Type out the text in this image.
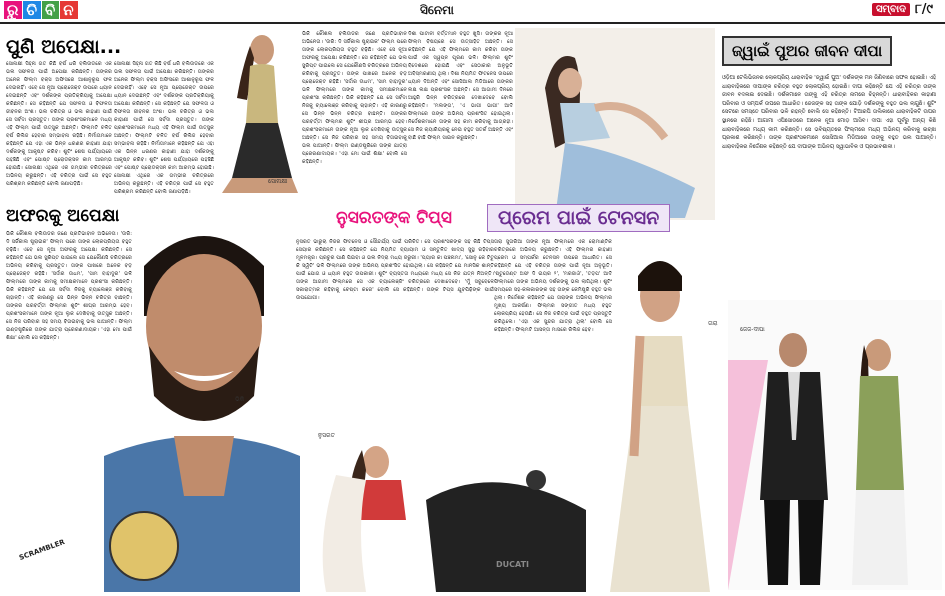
ରୁ ଚି ବି ନ	ସିନେମା	ସମ୍ବାଦ ୮/୯
ପୁଣି ଅପେକ୍ଷା...
ସୋନାକ୍ଷୀ ସିହ୍ନା ଗତ କିଛି ବର୍ଷ ଧରି ବଲିଉଡରେ ଏକ ଭଲ ସଫଳତା ପାଇଁ ଅପେକ୍ଷା କରିଛନ୍ତି। ତାଙ୍କର ଅନେକ ଫିଲ୍ମ ବକ୍ସ ଅଫିସରେ ଆଶାନୁରୂପ ଫଳ ଦେଇନାହିଁ। ଏବେ ସେ ନୂଆ ପ୍ରୋଜେକ୍ଟ ଉପରେ ଧ୍ୟାନ ଦେଇଛନ୍ତି ଏବଂ ଦର୍ଶକଙ୍କ ପ୍ରତିକ୍ରିୟାକୁ ଅପେକ୍ଷା କରିଛନ୍ତି। ସେ କହିଛନ୍ତି ଯେ ସଫଳତା ଓ ବିଫଳତା ଜୀବନର ଅଂଶ। ଭଲ ଚରିତ୍ର ଓ ଭଲ କାହାଣୀ ପାଇଁ ସେ ସର୍ବଦା ପ୍ରସ୍ତୁତ। ତାଙ୍କ ପ୍ରଶଂସକମାନେ ମଧ୍ୟ ଏହି ଫିଲ୍ମ ପାଇଁ ଉତ୍ସୁକ ଅଛନ୍ତି। ଫିଲ୍ମଟି ଚଳିତ ବର୍ଷ ରିଲିଜ ହେବାର ସମ୍ଭାବନା ରହିଛି। ନିର୍ମାତାମାନେ କହିଛନ୍ତି ଯେ ଏହା ଏକ ଭିନ୍ନ ଧରଣର କାହାଣୀ ଯାହା ଦର୍ଶକଙ୍କୁ ଆକୃଷ୍ଟ କରିବ। ଶୁଟିଂ ଶେଷ ପର୍ଯ୍ୟାୟରେ ପହଞ୍ଚିଛି ଏବଂ ପୋଷ୍ଟ ପ୍ରୋଡକ୍ସନ କାମ ଆରମ୍ଭ ହୋଇଛି। ସୋନାକ୍ଷୀ ଏଥିରେ ଏକ ଗମ୍ଭୀର ଚରିତ୍ରରେ ଅଭିନୟ କରୁଛନ୍ତି। ଏହି ଚରିତ୍ର ପାଇଁ ସେ ବହୁତ ପରିଶ୍ରମ କରିଛନ୍ତି ବୋଲି ଜଣାପଡ଼ିଛି।
ସୋନାକ୍ଷୀ ସିହ୍ନା ଗତ କିଛି ବର୍ଷ ଧରି ବଲିଉଡରେ ଏକ ଭଲ ସଫଳତା ପାଇଁ ଅପେକ୍ଷା କରିଛନ୍ତି। ତାଙ୍କର ଅନେକ ଫିଲ୍ମ ବକ୍ସ ଅଫିସରେ ଆଶାନୁରୂପ ଫଳ ଦେଇନାହିଁ। ଏବେ ସେ ନୂଆ ପ୍ରୋଜେକ୍ଟ ଉପରେ ଧ୍ୟାନ ଦେଇଛନ୍ତି ଏବଂ ଦର୍ଶକଙ୍କ ପ୍ରତିକ୍ରିୟାକୁ ଅପେକ୍ଷା କରିଛନ୍ତି। ସେ କହିଛନ୍ତି ଯେ ସଫଳତା ଓ ବିଫଳତା ଜୀବନର ଅଂଶ। ଭଲ ଚରିତ୍ର ଓ ଭଲ କାହାଣୀ ପାଇଁ ସେ ସର୍ବଦା ପ୍ରସ୍ତୁତ। ତାଙ୍କ ପ୍ରଶଂସକମାନେ ମଧ୍ୟ ଏହି ଫିଲ୍ମ ପାଇଁ ଉତ୍ସୁକ ଅଛନ୍ତି। ଫିଲ୍ମଟି ଚଳିତ ବର୍ଷ ରିଲିଜ ହେବାର ସମ୍ଭାବନା ରହିଛି। ନିର୍ମାତାମାନେ କହିଛନ୍ତି ଯେ ଏହା ଏକ ଭିନ୍ନ ଧରଣର କାହାଣୀ ଯାହା ଦର୍ଶକଙ୍କୁ ଆକୃଷ୍ଟ କରିବ। ଶୁଟିଂ ଶେଷ ପର୍ଯ୍ୟାୟରେ ପହଞ୍ଚିଛି ଏବଂ ପୋଷ୍ଟ ପ୍ରୋଡକ୍ସନ କାମ ଆରମ୍ଭ ହୋଇଛି। ସୋନାକ୍ଷୀ ଏଥିରେ ଏକ ଗମ୍ଭୀର ଚରିତ୍ରରେ ଅଭିନୟ କରୁଛନ୍ତି। ଏହି ଚରିତ୍ର ପାଇଁ ସେ ବହୁତ ପରିଶ୍ରମ କରିଛନ୍ତି ବୋଲି ଜଣାପଡ଼ିଛି।
ସୋନାକ୍ଷୀ
ଭିକି କୌଶଲ ବଲିଉଡର ଜଣେ ପ୍ରତିଭାବାନ ଅଭିନେତା। 'ଉରି: ଦି ସର୍ଜିକାଲ ଷ୍ଟ୍ରାଇକ' ଫିଲ୍ମ ପରେ ତାଙ୍କ ଲୋକପ୍ରିୟତା ବହୁତ ବଢ଼ିଛି। ଏବେ ସେ ନୂଆ ଅଫରକୁ ଅପେକ୍ଷା କରିଛନ୍ତି। ସେ କହିଛନ୍ତି ଯେ ଭଲ ସ୍କ୍ରିପ୍ଟ ପାଇଲେ ସେ ଯେକୌଣସି ଚରିତ୍ରରେ ଅଭିନୟ କରିବାକୁ ପ୍ରସ୍ତୁତ। ତାଙ୍କ ପାଖରେ ଅନେକ ବଡ଼ ପ୍ରୋଜେକ୍ଟ ରହିଛି। 'ସର୍ଦ୍ଦାର ଉଧମ', 'ସାମ ବାହାଦୁର' ଭଳି ଫିଲ୍ମରେ ତାଙ୍କ କାମକୁ ସମୀକ୍ଷକମାନେ ପ୍ରଶଂସା କରିଛନ୍ତି। ଭିକି କହିଛନ୍ତି ଯେ ସେ ସର୍ବଦା ନିଜକୁ ଚ୍ୟାଲେଞ୍ଜ କରିବାକୁ ଚାହାନ୍ତି। ଏହି କାରଣରୁ ସେ ଭିନ୍ନ ଭିନ୍ନ ଚରିତ୍ର ବାଛନ୍ତି। ତାଙ୍କର ପରବର୍ତ୍ତୀ ଫିଲ୍ମର ଶୁଟିଂ ଶୀଘ୍ର ଆରମ୍ଭ ହେବ। ପ୍ରଶଂସକମାନେ ତାଙ୍କ ନୂଆ ଲୁକ ଦେଖିବାକୁ ଉତ୍ସୁକ ଅଛନ୍ତି। ସେ ନିଜ ପରିବାର ସହ ସମୟ ବିତାଇବାକୁ ଭଲ ପାଆନ୍ତି। ଫିଲ୍ମ ଇଣ୍ଡଷ୍ଟ୍ରିରେ ତାଙ୍କ ଯାତ୍ରା ପ୍ରେରଣାଦାୟକ। 'ଏହା ମୋ ପାଇଁ ଶିକ୍ଷା' ବୋଲି ସେ କହିଛନ୍ତି।
ଦିଶା ପାଟାନୀ ବର୍ତ୍ତମାନ ବହୁତ ଖୁସି। ତାଙ୍କର ନୂଆ ଫିଲ୍ମ ବିଷୟରେ ସେ ଉତ୍ସାହିତ ଅଛନ୍ତି। ସେ କହିଛନ୍ତି ଯେ ଏହି ଫିଲ୍ମରେ କାମ କରିବା ତାଙ୍କ ପାଇଁ ଏକ ସ୍ୱପ୍ନ ପୂରଣ ଭଳି। ଫିଲ୍ମର ଶୁଟିଂ ବିଦେଶରେ ହୋଇଛି ଏବଂ ସେଠାକାର ଅନୁଭୂତି ଅବିସ୍ମରଣୀୟ ଥିଲା। ଦିଶା ନିୟମିତ ଫିଟନେସ ଉପରେ ଧ୍ୟାନ ଦିଅନ୍ତି ଏବଂ ସୋସିଆଲ ମିଡିଆରେ ତାଙ୍କର ଲକ୍ଷ ଲକ୍ଷ ପ୍ରଶଂସକ ଅଛନ୍ତି। ସେ ଆଗାମୀ ଦିନରେ ଆହୁରି ଭିନ୍ନ ଚରିତ୍ରରେ ଦେଖାଦେବେ ବୋଲି କହିଛନ୍ତି। 'ମଲଙ୍ଗ', 'ଏ ଭାଗୀ ଭାଗୀ' ଆଦି ଫିଲ୍ମରେ ତାଙ୍କ ଅଭିନୟ ପ୍ରଶଂସିତ ହୋଇଥିଲା। ନିର୍ଦ୍ଦେଶକମାନେ ତାଙ୍କ ସହ କାମ କରିବାକୁ ଆଗ୍ରହୀ। ସେ ନିଜ କ୍ୟାରିୟରକୁ ନେଇ ବହୁତ ସତର୍କ ଅଛନ୍ତି ଏବଂ ବାଛି ବାଛି ଫିଲ୍ମ ସାଇନ କରୁଛନ୍ତି।
ଜ୍ୱାଇଁ ପୁଅର ଜୀବନ ଦୀପା
ଓଡ଼ିଆ ଟେଲିଭିଜନର ଲୋକପ୍ରିୟ ଧାରାବାହିକ 'ଜ୍ୱାଇଁ ପୁଅ' ଦର୍ଶକଙ୍କ ମନ ଜିଣିବାରେ ସଫଳ ହୋଇଛି। ଏହି ଧାରାବାହିକରେ ଦୀପାଙ୍କ ଚରିତ୍ର ବହୁତ ଲୋକପ୍ରିୟ ହୋଇଛି। ଦୀପା କହିଛନ୍ତି ଯେ ଏହି ଚରିତ୍ର ତାଙ୍କ ଜୀବନ ବଦଳାଇ ଦେଇଛି। ଦର୍ଶକମାନେ ତାଙ୍କୁ ଏହି ଚରିତ୍ର ନାମରେ ଚିହ୍ନନ୍ତି। ଧାରାବାହିକର କାହାଣୀ ପରିବାର ଓ ସମ୍ପର୍କ ଉପରେ ଆଧାରିତ। ଜେଜଙ୍କ ସହ ତାଙ୍କ ଯୋଡ଼ି ଦର୍ଶକଙ୍କୁ ବହୁତ ଭଲ ଲାଗୁଛି। ଶୁଟିଂ ସେଟରେ ସମସ୍ତେ ପରିବାର ଭଳି ରହନ୍ତି ବୋଲି ସେ କହିଛନ୍ତି। ଟିଆରପି ତାଲିକାରେ ଧାରାବାହିକଟି ଉପର ସ୍ଥାନରେ ରହିଛି। ଆଗାମୀ ଏପିସୋଡରେ ଅନେକ ନୂଆ ମୋଡ଼ ଆସିବ। ଦୀପା ଏହା ପୂର୍ବରୁ ଅନ୍ୟ କିଛି ଧାରାବାହିକରେ ମଧ୍ୟ କାମ କରିଛନ୍ତି। ସେ ଭବିଷ୍ୟତରେ ଫିଲ୍ମରେ ମଧ୍ୟ ଅଭିନୟ କରିବାକୁ ଇଚ୍ଛା ପ୍ରକାଶ କରିଛନ୍ତି। ତାଙ୍କ ପ୍ରଶଂସକମାନେ ସୋସିଆଲ ମିଡିଆରେ ତାଙ୍କୁ ବହୁତ ଭଲ ପାଆନ୍ତି। ଧାରାବାହିକର ନିର୍ଦ୍ଦେଶକ କହିଛନ୍ତି ଯେ ଦୀପାଙ୍କ ଅଭିନୟ ସ୍ୱାଭାବିକ ଓ ପ୍ରଭାବଶାଳୀ।
ଜେଜ-ଦୀପା
ଅଫରକୁ ଅପେକ୍ଷା
ଭିକି କୌଶଲ ବଲିଉଡର ଜଣେ ପ୍ରତିଭାବାନ ଅଭିନେତା। 'ଉରି: ଦି ସର୍ଜିକାଲ ଷ୍ଟ୍ରାଇକ' ଫିଲ୍ମ ପରେ ତାଙ୍କ ଲୋକପ୍ରିୟତା ବହୁତ ବଢ଼ିଛି। ଏବେ ସେ ନୂଆ ଅଫରକୁ ଅପେକ୍ଷା କରିଛନ୍ତି। ସେ କହିଛନ୍ତି ଯେ ଭଲ ସ୍କ୍ରିପ୍ଟ ପାଇଲେ ସେ ଯେକୌଣସି ଚରିତ୍ରରେ ଅଭିନୟ କରିବାକୁ ପ୍ରସ୍ତୁତ। ତାଙ୍କ ପାଖରେ ଅନେକ ବଡ଼ ପ୍ରୋଜେକ୍ଟ ରହିଛି। 'ସର୍ଦ୍ଦାର ଉଧମ', 'ସାମ ବାହାଦୁର' ଭଳି ଫିଲ୍ମରେ ତାଙ୍କ କାମକୁ ସମୀକ୍ଷକମାନେ ପ୍ରଶଂସା କରିଛନ୍ତି। ଭିକି କହିଛନ୍ତି ଯେ ସେ ସର୍ବଦା ନିଜକୁ ଚ୍ୟାଲେଞ୍ଜ କରିବାକୁ ଚାହାନ୍ତି। ଏହି କାରଣରୁ ସେ ଭିନ୍ନ ଭିନ୍ନ ଚରିତ୍ର ବାଛନ୍ତି। ତାଙ୍କର ପରବର୍ତ୍ତୀ ଫିଲ୍ମର ଶୁଟିଂ ଶୀଘ୍ର ଆରମ୍ଭ ହେବ। ପ୍ରଶଂସକମାନେ ତାଙ୍କ ନୂଆ ଲୁକ ଦେଖିବାକୁ ଉତ୍ସୁକ ଅଛନ୍ତି। ସେ ନିଜ ପରିବାର ସହ ସମୟ ବିତାଇବାକୁ ଭଲ ପାଆନ୍ତି। ଫିଲ୍ମ ଇଣ୍ଡଷ୍ଟ୍ରିରେ ତାଙ୍କ ଯାତ୍ରା ପ୍ରେରଣାଦାୟକ। 'ଏହା ମୋ ପାଇଁ ଶିକ୍ଷା' ବୋଲି ସେ କହିଛନ୍ତି।
SCRAMBLER
ଭିକି
ନୁସରତଙ୍କ ଟିପ୍ସ
ନୁସରତ ଭାରୁଚା ନିଜର ଫିଟନେସ ଓ ସୌନ୍ଦର୍ଯ୍ୟ ପାଇଁ ପରିଚିତ। ସେ ପ୍ରଶଂସକଙ୍କ ସହ କିଛି ଟିପ୍ସ ସେୟାର କରିଛନ୍ତି। ସେ କହିଛନ୍ତି ଯେ ନିୟମିତ ବ୍ୟାୟାମ ଓ ସନ୍ତୁଳିତ ଖାଦ୍ୟ ସୁସ୍ଥ ରହିବାର ମୂଳମନ୍ତ୍ର। ପ୍ରଚୁର ପାଣି ପିଇବା ଓ ଭଲ ନିଦ୍ରା ମଧ୍ୟ ଜରୁରୀ। 'ପ୍ୟାର କା ପଞ୍ଚନାମା', 'ସୋନୁ କେ ଟିଟୁ କି ସ୍ୱିଟି' ଭଳି ଫିଲ୍ମରେ ତାଙ୍କ ଅଭିନୟ ପ୍ରଶଂସିତ ହୋଇଥିଲା। ସେ କହିଛନ୍ତି ଯେ ମାନସିକ ଶାନ୍ତି ପାଇଁ ଯୋଗ ଓ ଧ୍ୟାନ ବହୁତ ଉପକାରୀ। ଶୁଟିଂ ବ୍ୟସ୍ତତା ମଧ୍ୟରେ ମଧ୍ୟ ସେ ନିଜ ଯତ୍ନ ନିଅନ୍ତି। ତାଙ୍କ ଆଗାମୀ ଫିଲ୍ମରେ ସେ ଏକ ଚ୍ୟାଲେଞ୍ଜିଂ ଚରିତ୍ରରେ ଦେଖାଦେବେ। 'ମୁଁ ସବୁବେଳେ ସକାରାତ୍ମକ ରହିବାକୁ ଚେଷ୍ଟା କରେ' ବୋଲି ସେ କହିଛନ୍ତି। ତାଙ୍କ ଟିପ୍ସ ଯୁବପିଢ଼ିଙ୍କ ପାଇଁ ଉପଯୋଗୀ।
ନୁସରତ
DUCATI
ପ୍ରେମ ପାଇଁ ଟେନସନ
ତାରା ସୁତାରିଆ ତାଙ୍କ ନୂଆ ଫିଲ୍ମରେ ଏକ ରୋମାଣ୍ଟିକ ଚରିତ୍ରରେ ଅଭିନୟ କରୁଛନ୍ତି। ଏହି ଫିଲ୍ମର କାହାଣୀ ପ୍ରେମ ଓ ସମ୍ପର୍କର ଟେନସନ ଉପରେ ଆଧାରିତ। ସେ କହିଛନ୍ତି ଯେ ଏହି ଚରିତ୍ର ତାଙ୍କ ପାଇଁ ନୂଆ ଅନୁଭୂତି। 'ଷ୍ଟୁଡେଣ୍ଟ ଅଫ ଦି ଇୟର ୨', 'ମରଜାଓଁ', 'ତଡ଼ପ' ଆଦି ଫିଲ୍ମରେ ତାଙ୍କ ଅଭିନୟ ଦର୍ଶକଙ୍କୁ ଭଲ ଲାଗିଥିଲା। ଶୁଟିଂ ସମୟରେ ସହ-କଳାକାରଙ୍କ ସହ ତାଙ୍କ କେମିଷ୍ଟ୍ରି ବହୁତ ଭଲ ଥିଲା। ନିର୍ଦ୍ଦେଶକ କହିଛନ୍ତି ଯେ ତାରାଙ୍କ ଅଭିନୟ ଫିଲ୍ମର ମୁଖ୍ୟ ଆକର୍ଷଣ। ଫିଲ୍ମର ସଙ୍ଗୀତ ମଧ୍ୟ ବହୁତ ଲୋକପ୍ରିୟ ହେଉଛି। ସେ ନିଜ ଚରିତ୍ର ପାଇଁ ବହୁତ ପ୍ରସ୍ତୁତି କରିଥିଲେ। 'ଏହା ଏକ ସୁନ୍ଦର ଯାତ୍ରା ଥିଲା' ବୋଲି ସେ କହିଛନ୍ତି। ଫିଲ୍ମଟି ଆସନ୍ତା ମାସରେ ରିଲିଜ ହେବ।
ତାରା
